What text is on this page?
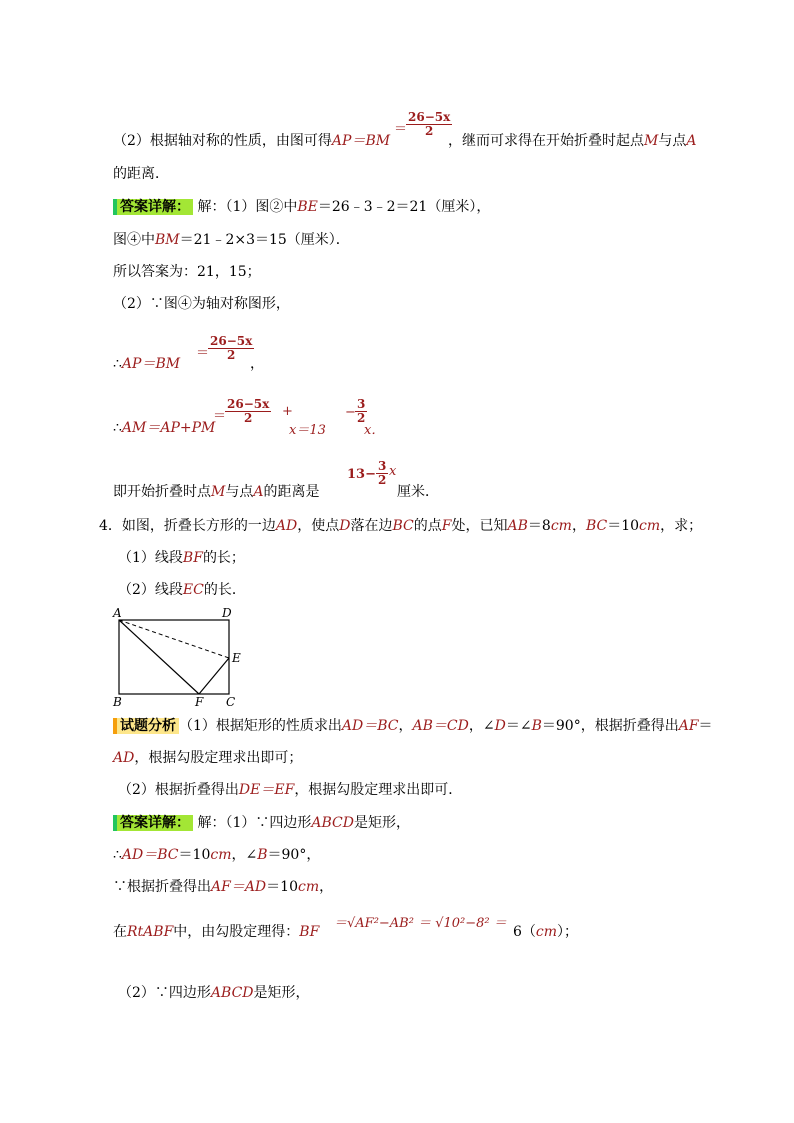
（2）根据轴对称的性质，由图可得AP＝BM
＝
$\frac{26-5x}{2}$
，继而可求得在开始折叠时起点M与点A
的距离．
答案详解： 解：（1）图②中BE＝26﹣3﹣2＝21（厘米），
图④中BM＝21﹣2×3＝15（厘米）．
所以答案为：21，15；
（2）∵图④为轴对称图形，
∴AP＝BM
＝
$\frac{26-5x}{2}$
，
∴AM＝AP+PM
＝
$\frac{26-5x}{2}$ +
x＝13
− $\frac{3}{2}$
x．
即开始折叠时点M与点A的距离是
$13- \frac{3}{2}$ x
厘米．
4．如图，折叠长方形的一边AD，使点D落在边BC的点F处，已知AB＝8cm，BC＝10cm，求；
（1）线段BF的长；
（2）线段EC的长．
A	D
E
B	F C
试题分析 （1）根据矩形的性质求出AD＝BC，AB＝CD，∠D＝∠B＝90°，根据折叠得出AF＝
AD，根据勾股定理求出即可；
（2）根据折叠得出DE＝EF，根据勾股定理求出即可．
答案详解： 解：（1）∵四边形ABCD是矩形，
∴AD＝BC＝10cm，∠B＝90°，
∵根据折叠得出AF＝AD＝10cm，
在RtABF中，由勾股定理得：BF
＝√AF²−AB² ＝ √10²−8² ＝
6（cm）；
（2）∵四边形ABCD是矩形，
